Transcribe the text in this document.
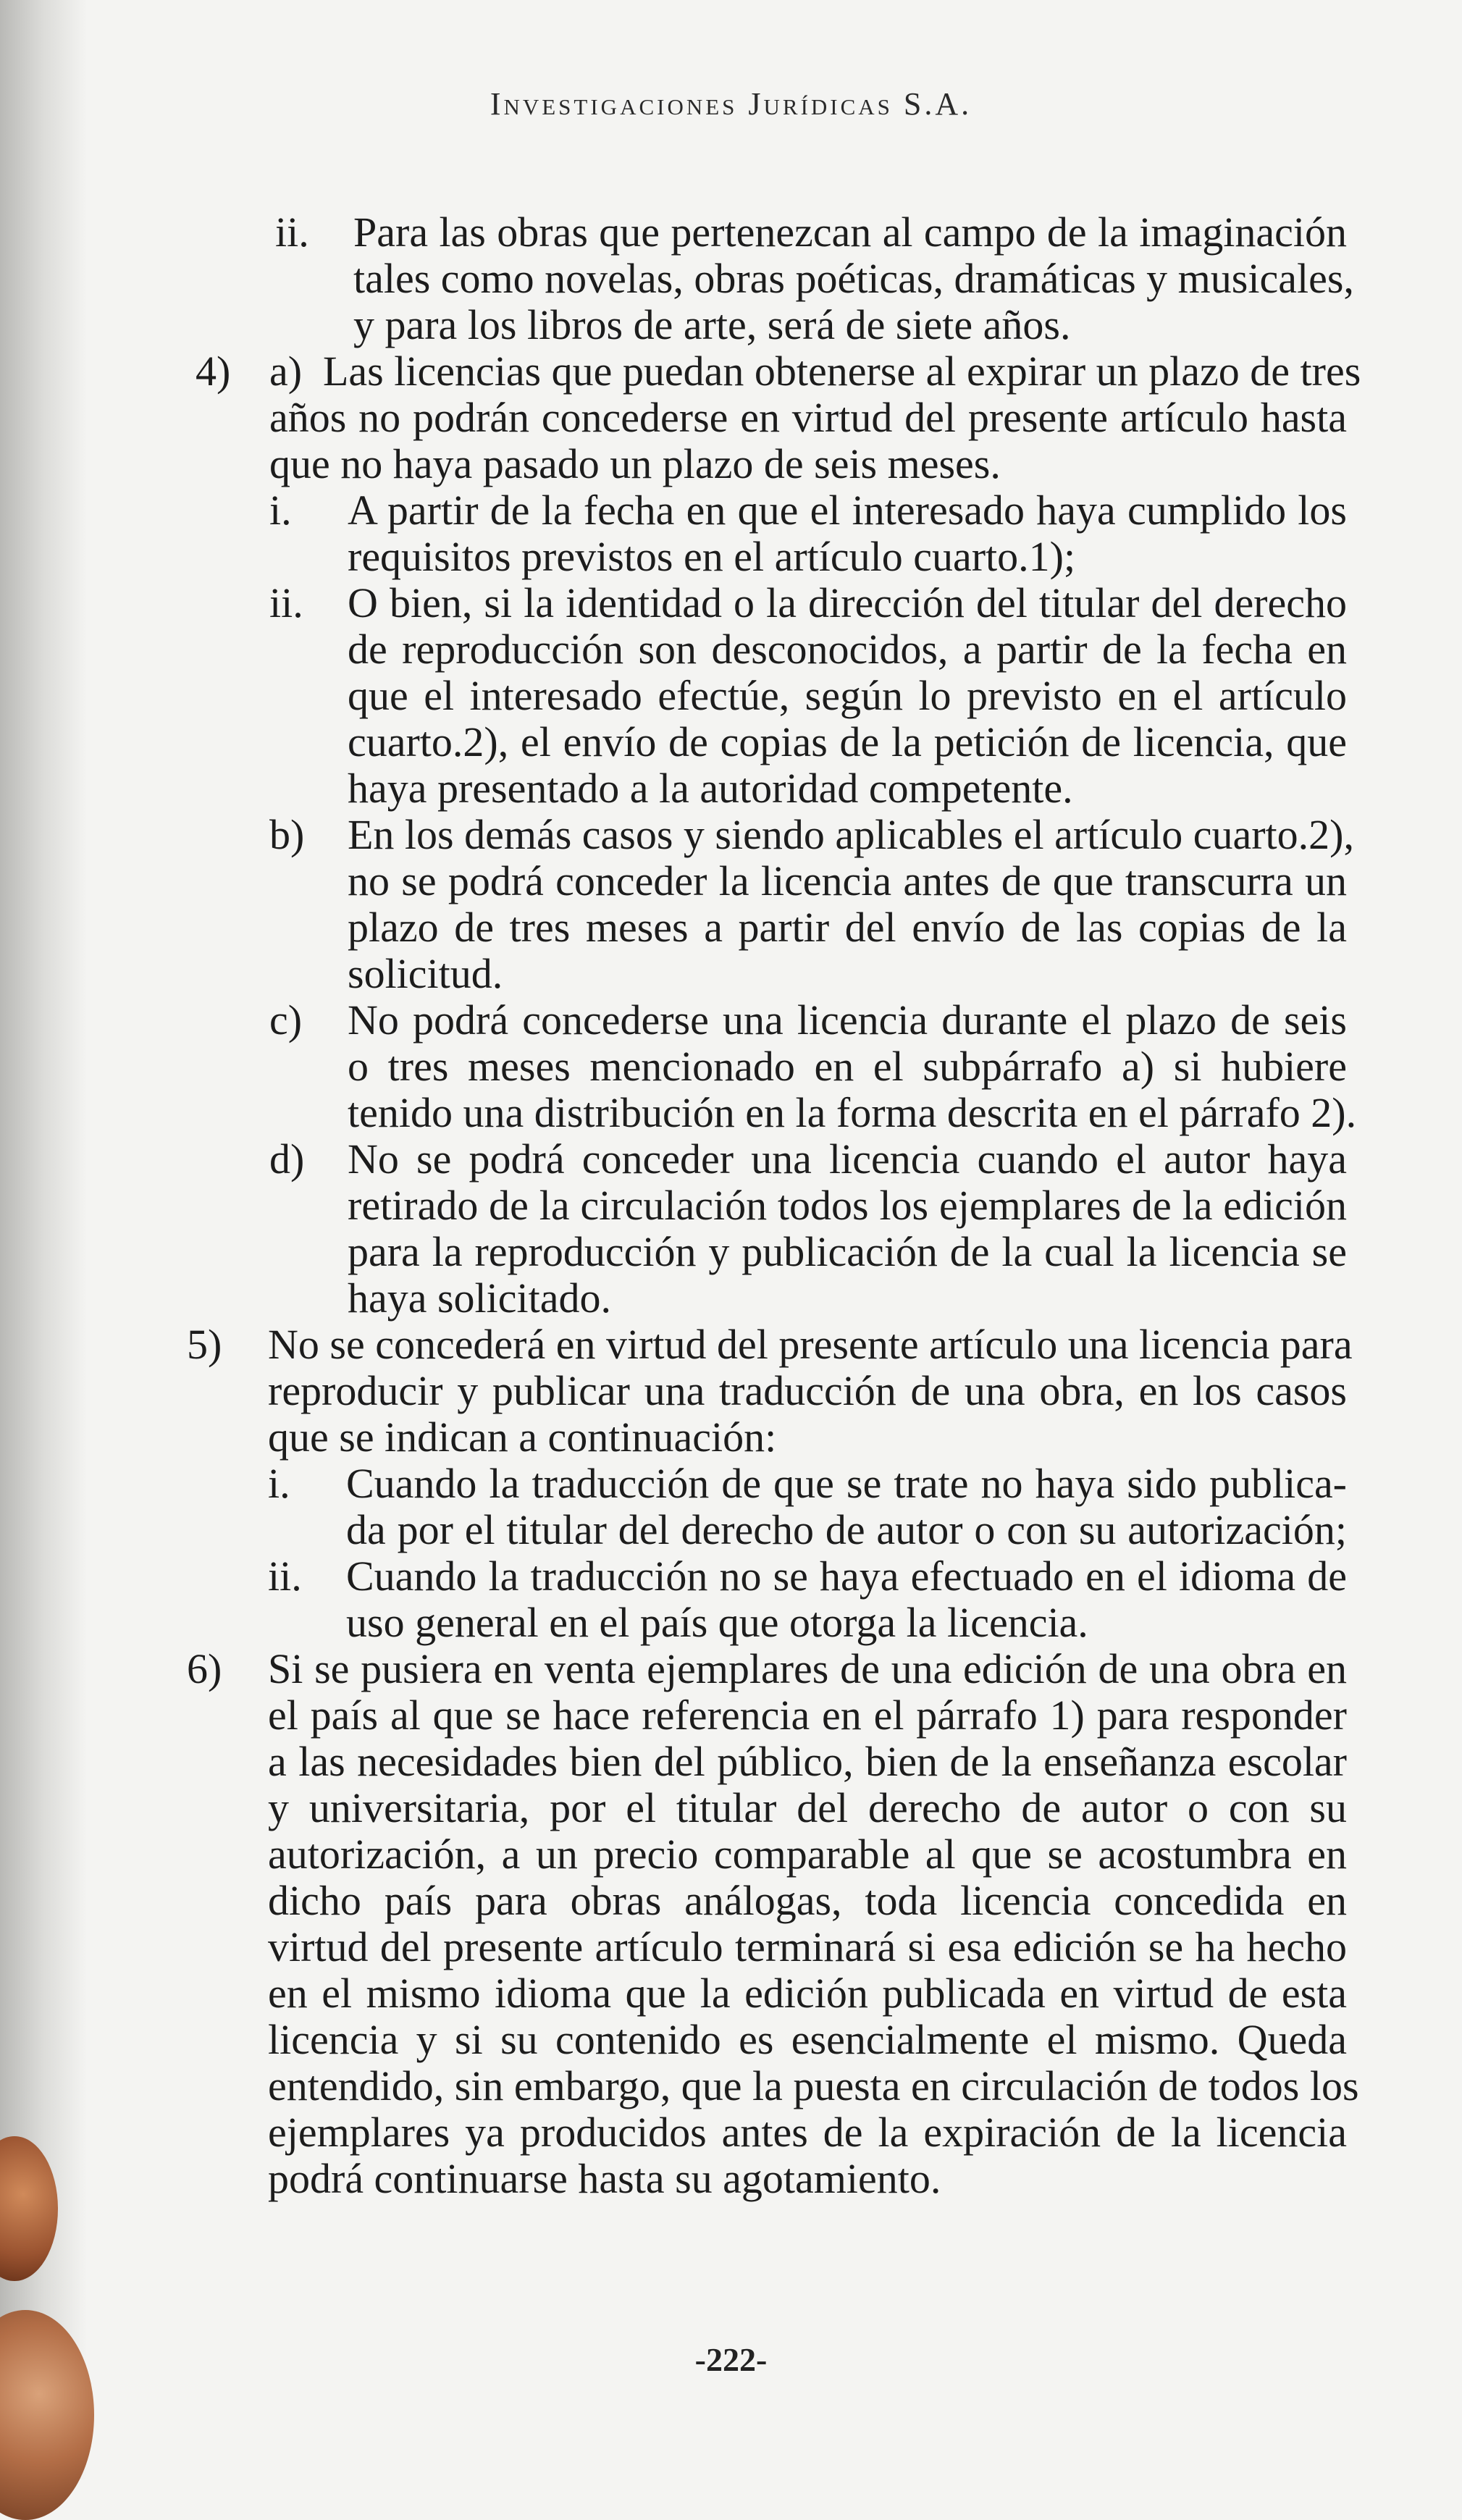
Investigaciones Jurídicas S.A.
ii. Para las obras que pertenezcan al campo de la imaginación
tales como novelas, obras poéticas, dramáticas y musicales,
y para los libros de arte, será de siete años.
4) a) Las licencias que puedan obtenerse al expirar un plazo de tres
años no podrán concederse en virtud del presente artículo hasta
que no haya pasado un plazo de seis meses.
i. A partir de la fecha en que el interesado haya cumplido los
requisitos previstos en el artículo cuarto.1);
ii. O bien, si la identidad o la dirección del titular del derecho
de reproducción son desconocidos, a partir de la fecha en
que el interesado efectúe, según lo previsto en el artículo
cuarto.2), el envío de copias de la petición de licencia, que
haya presentado a la autoridad competente.
b) En los demás casos y siendo aplicables el artículo cuarto.2),
no se podrá conceder la licencia antes de que transcurra un
plazo de tres meses a partir del envío de las copias de la
solicitud.
c) No podrá concederse una licencia durante el plazo de seis
o tres meses mencionado en el subpárrafo a) si hubiere
tenido una distribución en la forma descrita en el párrafo 2).
d) No se podrá conceder una licencia cuando el autor haya
retirado de la circulación todos los ejemplares de la edición
para la reproducción y publicación de la cual la licencia se
haya solicitado.
5) No se concederá en virtud del presente artículo una licencia para
reproducir y publicar una traducción de una obra, en los casos
que se indican a continuación:
i. Cuando la traducción de que se trate no haya sido publica-
da por el titular del derecho de autor o con su autorización;
ii. Cuando la traducción no se haya efectuado en el idioma de
uso general en el país que otorga la licencia.
6) Si se pusiera en venta ejemplares de una edición de una obra en
el país al que se hace referencia en el párrafo 1) para responder
a las necesidades bien del público, bien de la enseñanza escolar
y universitaria, por el titular del derecho de autor o con su
autorización, a un precio comparable al que se acostumbra en
dicho país para obras análogas, toda licencia concedida en
virtud del presente artículo terminará si esa edición se ha hecho
en el mismo idioma que la edición publicada en virtud de esta
licencia y si su contenido es esencialmente el mismo. Queda
entendido, sin embargo, que la puesta en circulación de todos los
ejemplares ya producidos antes de la expiración de la licencia
podrá continuarse hasta su agotamiento.
-222-
